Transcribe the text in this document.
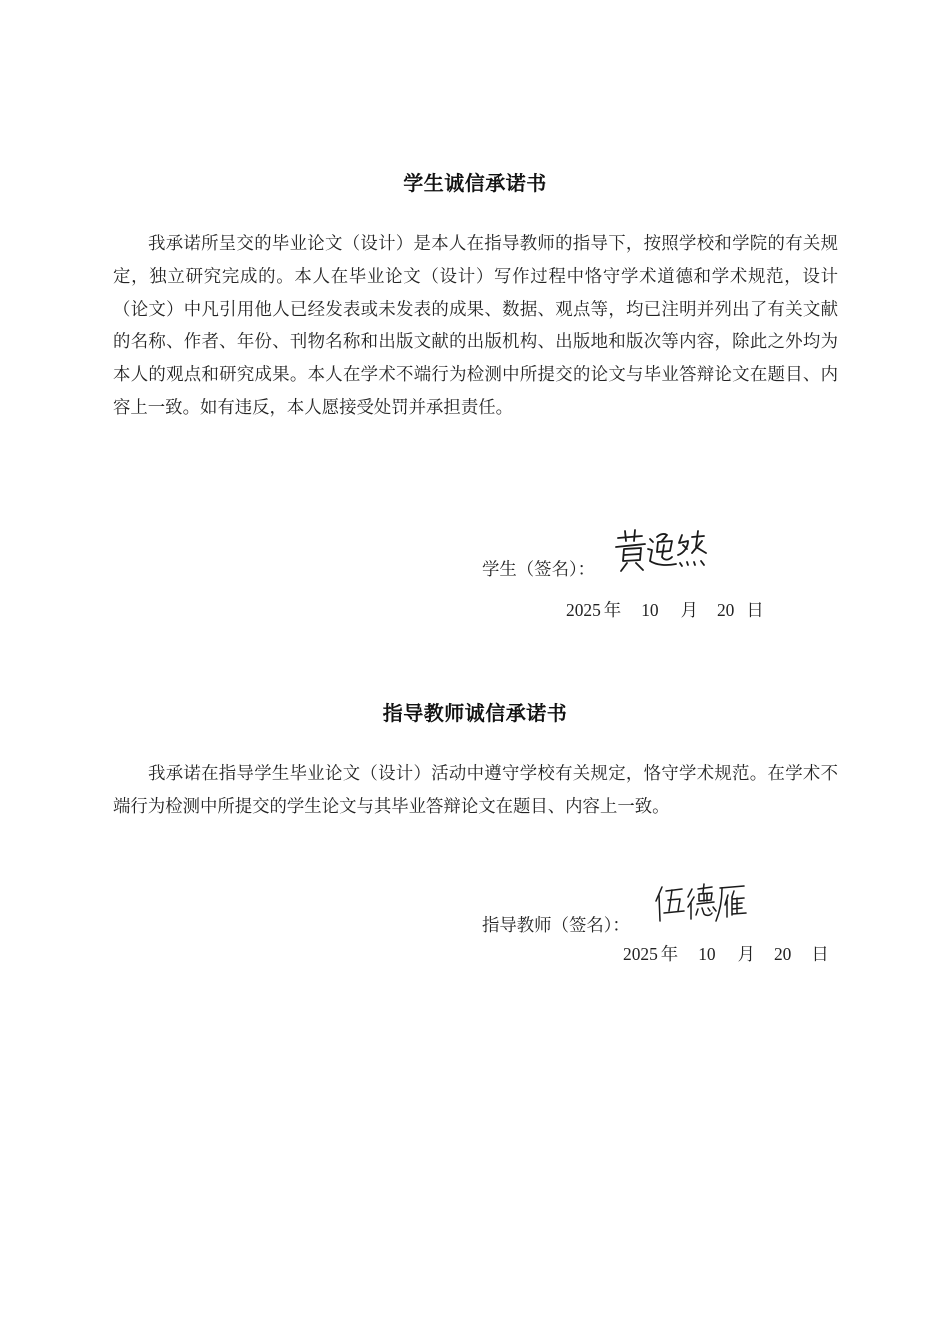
学生诚信承诺书

我承诺所呈交的毕业论文（设计）是本人在指导教师的指导下，按照学校和学院的有关规定，独立研究完成的。本人在毕业论文（设计）写作过程中恪守学术道德和学术规范，设计（论文）中凡引用他人已经发表或未发表的成果、数据、观点等，均已注明并列出了有关文献的名称、作者、年份、刊物名称和出版文献的出版机构、出版地和版次等内容，除此之外均为本人的观点和研究成果。本人在学术不端行为检测中所提交的论文与毕业答辩论文在题目、内容上一致。如有违反，本人愿接受处罚并承担责任。

学生（签名）：
2025 年 10 月 20 日
指导教师诚信承诺书

我承诺在指导学生毕业论文（设计）活动中遵守学校有关规定，恪守学术规范。在学术不端行为检测中所提交的学生论文与其毕业答辩论文在题目、内容上一致。

指导教师（签名）：
2025 年 10 月 20 日
